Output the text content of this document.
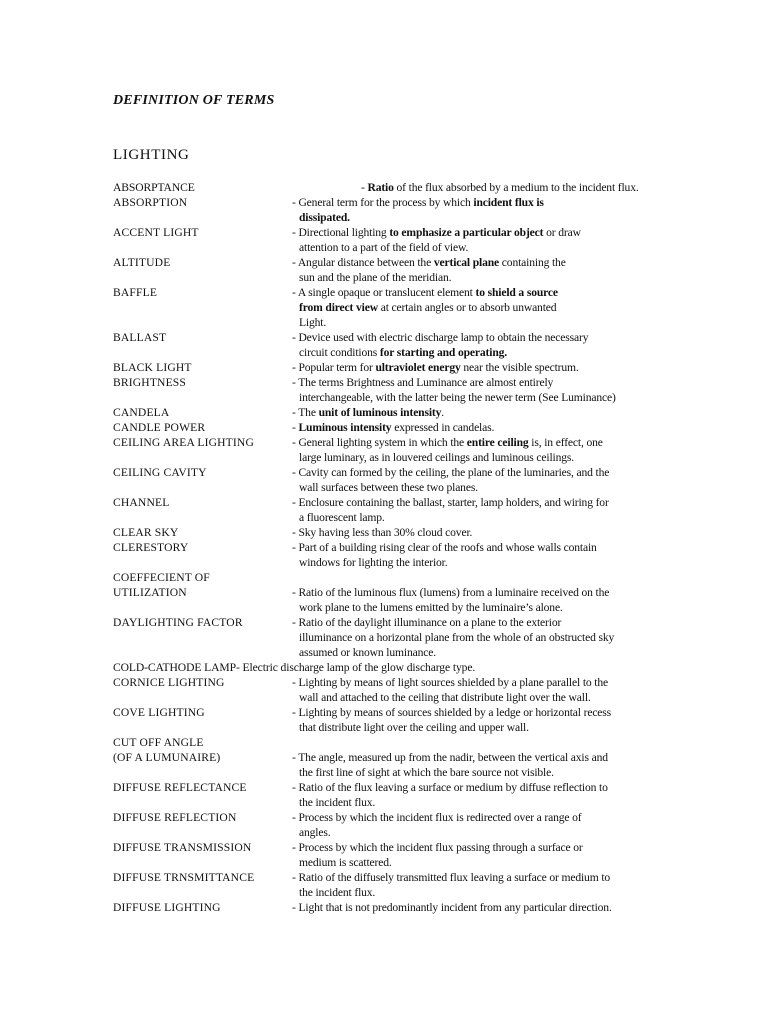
DEFINITION OF TERMS
LIGHTING
ABSORPTANCE	- Ratio of the flux absorbed by a medium to the incident flux.
ABSORPTION	- General term for the process by which incident flux is
dissipated.
ACCENT LIGHT	- Directional lighting to emphasize a particular object or draw
attention to a part of the field of view.
ALTITUDE	- Angular distance between the vertical plane containing the
sun and the plane of the meridian.
BAFFLE	- A single opaque or translucent element to shield a source
from direct view at certain angles or to absorb unwanted
Light.
BALLAST	- Device used with electric discharge lamp to obtain the necessary
circuit conditions for starting and operating.
BLACK LIGHT	- Popular term for ultraviolet energy near the visible spectrum.
BRIGHTNESS	- The terms Brightness and Luminance are almost entirely
interchangeable, with the latter being the newer term (See Luminance)
CANDELA	- The unit of luminous intensity.
CANDLE POWER	- Luminous intensity expressed in candelas.
CEILING AREA LIGHTING	- General lighting system in which the entire ceiling is, in effect, one
large luminary, as in louvered ceilings and luminous ceilings.
CEILING CAVITY	- Cavity can formed by the ceiling, the plane of the luminaries, and the
wall surfaces between these two planes.
CHANNEL	- Enclosure containing the ballast, starter, lamp holders, and wiring for
a fluorescent lamp.
CLEAR SKY	- Sky having less than 30% cloud cover.
CLERESTORY	- Part of a building rising clear of the roofs and whose walls contain
windows for lighting the interior.
COEFFECIENT OF
UTILIZATION	- Ratio of the luminous flux (lumens) from a luminaire received on the
work plane to the lumens emitted by the luminaire’s alone.
DAYLIGHTING FACTOR	- Ratio of the daylight illuminance on a plane to the exterior
illuminance on a horizontal plane from the whole of an obstructed sky
assumed or known luminance.
COLD-CATHODE LAMP- Electric discharge lamp of the glow discharge type.
CORNICE LIGHTING	- Lighting by means of light sources shielded by a plane parallel to the
wall and attached to the ceiling that distribute light over the wall.
COVE LIGHTING	- Lighting by means of sources shielded by a ledge or horizontal recess
that distribute light over the ceiling and upper wall.
CUT OFF ANGLE
(OF A LUMUNAIRE)	- The angle, measured up from the nadir, between the vertical axis and
the first line of sight at which the bare source not visible.
DIFFUSE REFLECTANCE	- Ratio of the flux leaving a surface or medium by diffuse reflection to
the incident flux.
DIFFUSE REFLECTION	- Process by which the incident flux is redirected over a range of
angles.
DIFFUSE TRANSMISSION	- Process by which the incident flux passing through a surface or
medium is scattered.
DIFFUSE TRNSMITTANCE	- Ratio of the diffusely transmitted flux leaving a surface or medium to
the incident flux.
DIFFUSE LIGHTING	- Light that is not predominantly incident from any particular direction.
